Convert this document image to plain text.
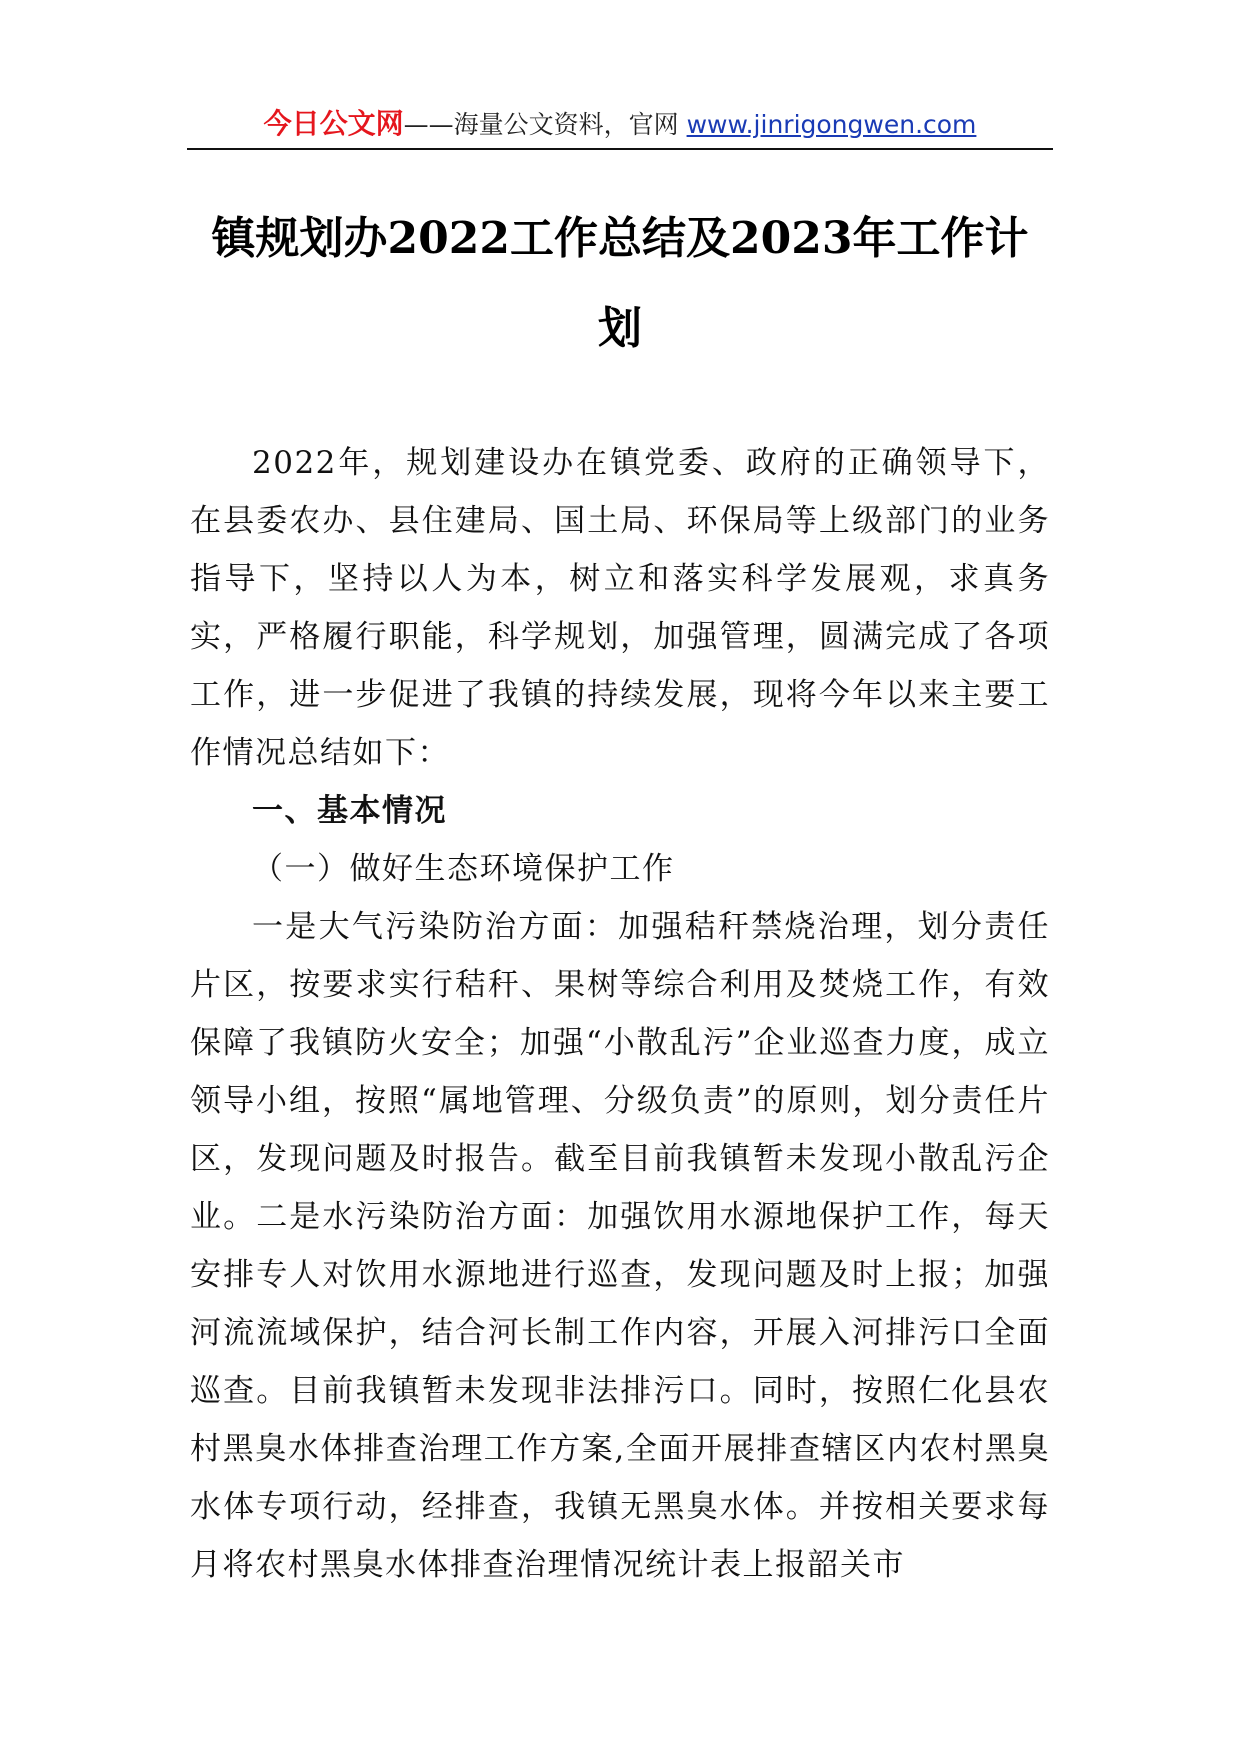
今日公文网——海量公文资料，官网 www.jinrigongwen.com
镇规划办2022工作总结及2023年工作计划

2022年，规划建设办在镇党委、政府的正确领导下，在县委农办、县住建局、国土局、环保局等上级部门的业务指导下，坚持以人为本，树立和落实科学发展观，求真务实，严格履行职能，科学规划，加强管理，圆满完成了各项工作，进一步促进了我镇的持续发展，现将今年以来主要工作情况总结如下：

一、基本情况

（一）做好生态环境保护工作

一是大气污染防治方面：加强秸秆禁烧治理，划分责任片区，按要求实行秸秆、果树等综合利用及焚烧工作，有效保障了我镇防火安全；加强“小散乱污”企业巡查力度，成立领导小组，按照“属地管理、分级负责”的原则，划分责任片区，发现问题及时报告。截至目前我镇暂未发现小散乱污企业。二是水污染防治方面：加强饮用水源地保护工作，每天安排专人对饮用水源地进行巡查，发现问题及时上报；加强河流流域保护，结合河长制工作内容，开展入河排污口全面巡查。目前我镇暂未发现非法排污口。同时，按照仁化县农村黑臭水体排查治理工作方案,全面开展排查辖区内农村黑臭水体专项行动，经排查，我镇无黑臭水体。并按相关要求每月将农村黑臭水体排查治理情况统计表上报韶关市
